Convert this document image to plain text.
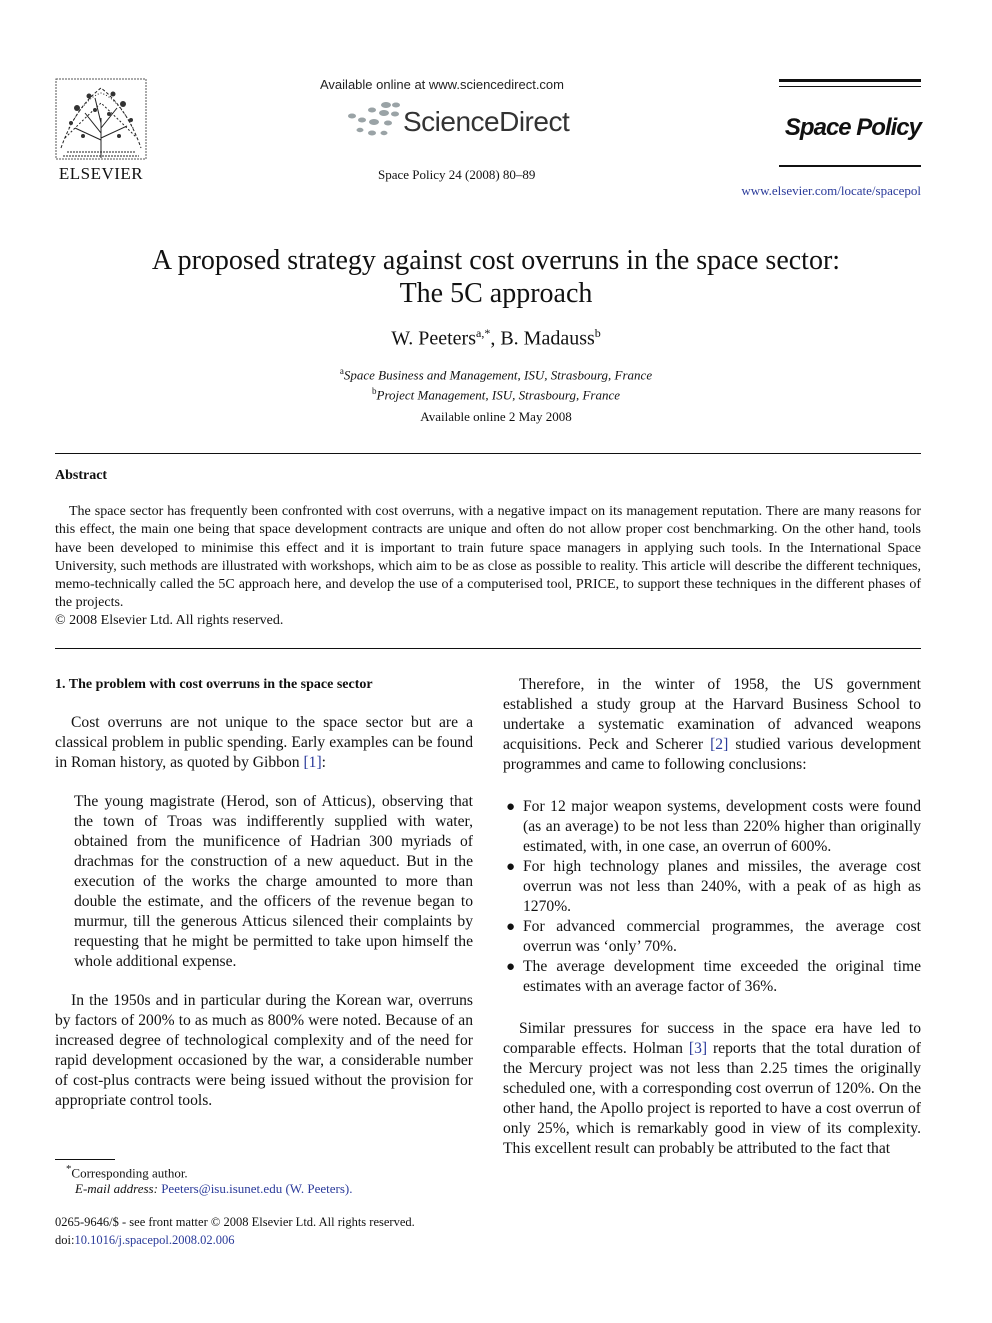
ELSEVIER
Available online at www.sciencedirect.com
ScienceDirect
Space Policy 24 (2008) 80–89
Space Policy
www.elsevier.com/locate/spacepol
A proposed strategy against cost overruns in the space sector:
The 5C approach
W. Peeters$^{a,*}$, B. Madauss$^b$
$^a$Space Business and Management, ISU, Strasbourg, France
$^b$Project Management, ISU, Strasbourg, France
Available online 2 May 2008
Abstract
The space sector has frequently been confronted with cost overruns, with a negative impact on its management reputation. There are many reasons for this effect, the main one being that space development contracts are unique and often do not allow proper cost benchmarking. On the other hand, tools have been developed to minimise this effect and it is important to train future space managers in applying such tools. In the International Space University, such methods are illustrated with workshops, which aim to be as close as possible to reality. This article will describe the different techniques, memo-technically called the 5C approach here, and develop the use of a computerised tool, PRICE, to support these techniques in the different phases of the projects.
© 2008 Elsevier Ltd. All rights reserved.
1. The problem with cost overruns in the space sector

Cost overruns are not unique to the space sector but are a classical problem in public spending. Early examples can be found in Roman history, as quoted by Gibbon [1]:

The young magistrate (Herod, son of Atticus), observing that the town of Troas was indifferently supplied with water, obtained from the munificence of Hadrian 300 myriads of drachmas for the construction of a new aqueduct. But in the execution of the works the charge amounted to more than double the estimate, and the officers of the revenue began to murmur, till the generous Atticus silenced their complaints by requesting that he might be permitted to take upon himself the whole additional expense.

In the 1950s and in particular during the Korean war, overruns by factors of 200% to as much as 800% were noted. Because of an increased degree of technological complexity and of the need for rapid development occasioned by the war, a considerable number of cost-plus contracts were being issued without the provision for appropriate control tools.

Therefore, in the winter of 1958, the US government established a study group at the Harvard Business School to undertake a systematic examination of advanced weapons acquisitions. Peck and Scherer [2] studied various development programmes and came to following conclusions:

● For 12 major weapon systems, development costs were found (as an average) to be not less than 220% higher than originally estimated, with, in one case, an overrun of 600%.
● For high technology planes and missiles, the average cost overrun was not less than 240%, with a peak of as high as 1270%.
● For advanced commercial programmes, the average cost overrun was ‘only’ 70%.
● The average development time exceeded the original time estimates with an average factor of 36%.

Similar pressures for success in the space era have led to comparable effects. Holman [3] reports that the total duration of the Mercury project was not less than 2.25 times the originally scheduled one, with a corresponding cost overrun of 120%. On the other hand, the Apollo project is reported to have a cost overrun of only 25%, which is remarkably good in view of its complexity. This excellent result can probably be attributed to the fact that

*Corresponding author.
E-mail address: Peeters@isu.isunet.edu (W. Peeters).
0265-9646/$ - see front matter © 2008 Elsevier Ltd. All rights reserved.
doi:10.1016/j.spacepol.2008.02.006
